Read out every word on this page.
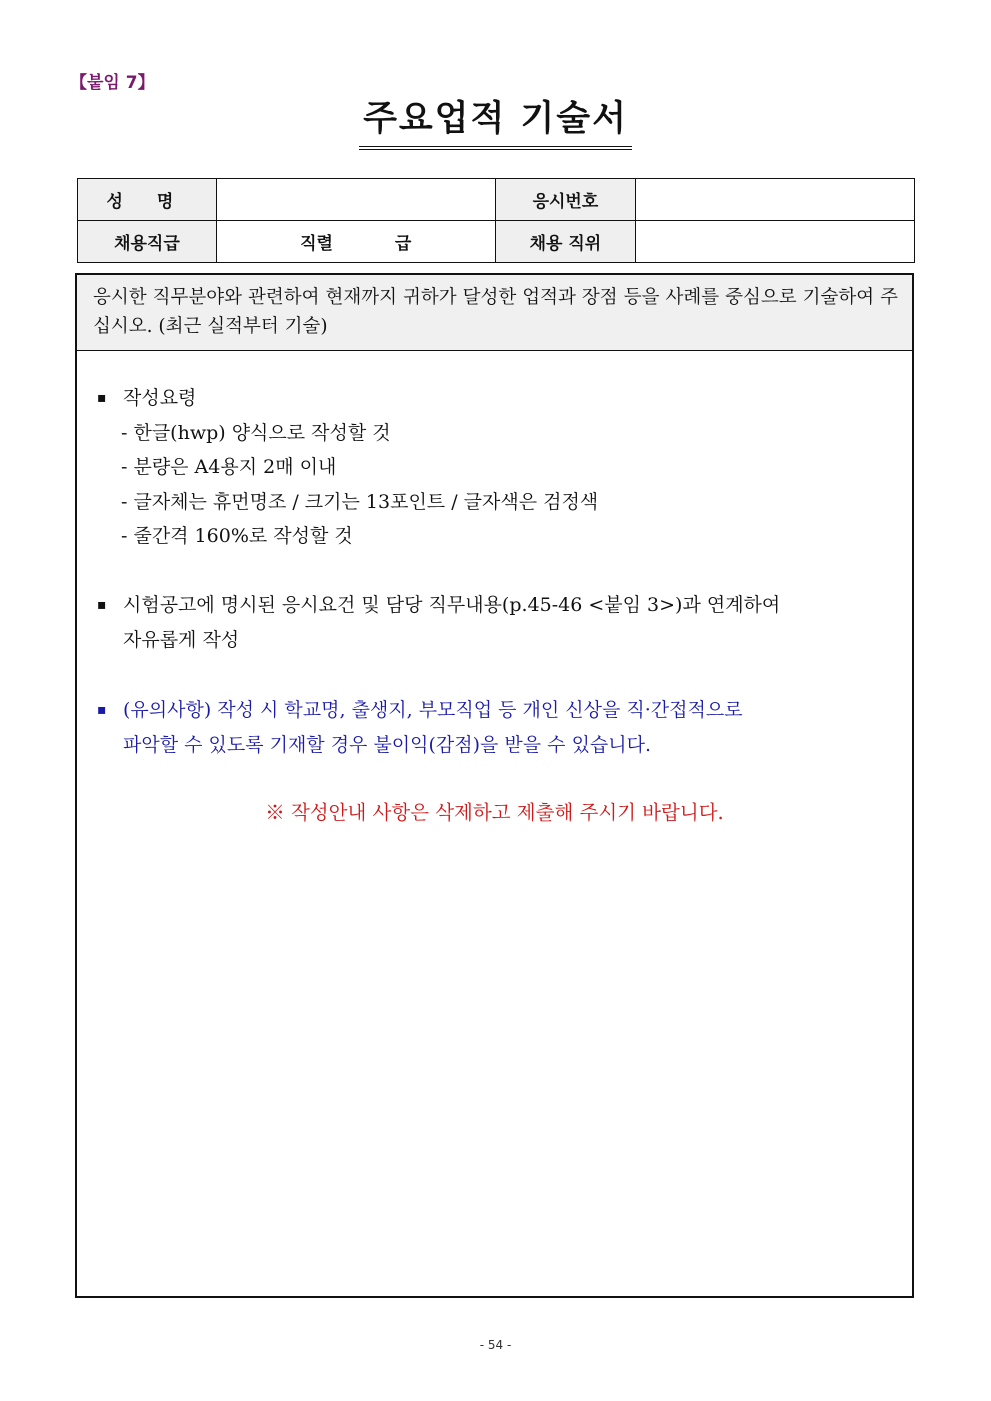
【붙임 7】
주요업적 기술서
성 명		응시번호	
채용직급	직렬 급	채용 직위	
응시한 직무분야와 관련하여 현재까지 귀하가 달성한 업적과 장점 등을 사례를 중심으로 기술하여 주십시오. (최근 실적부터 기술)
▪ 작성요령
- 한글(hwp) 양식으로 작성할 것
- 분량은 A4용지 2매 이내
- 글자체는 휴먼명조 / 크기는 13포인트 / 글자색은 검정색
- 줄간격 160%로 작성할 것
▪ 시험공고에 명시된 응시요건 및 담당 직무내용(p.45-46 <붙임 3>)과 연계하여
자유롭게 작성
▪ (유의사항) 작성 시 학교명, 출생지, 부모직업 등 개인 신상을 직·간접적으로
파악할 수 있도록 기재할 경우 불이익(감점)을 받을 수 있습니다.
※ 작성안내 사항은 삭제하고 제출해 주시기 바랍니다.
- 54 -
